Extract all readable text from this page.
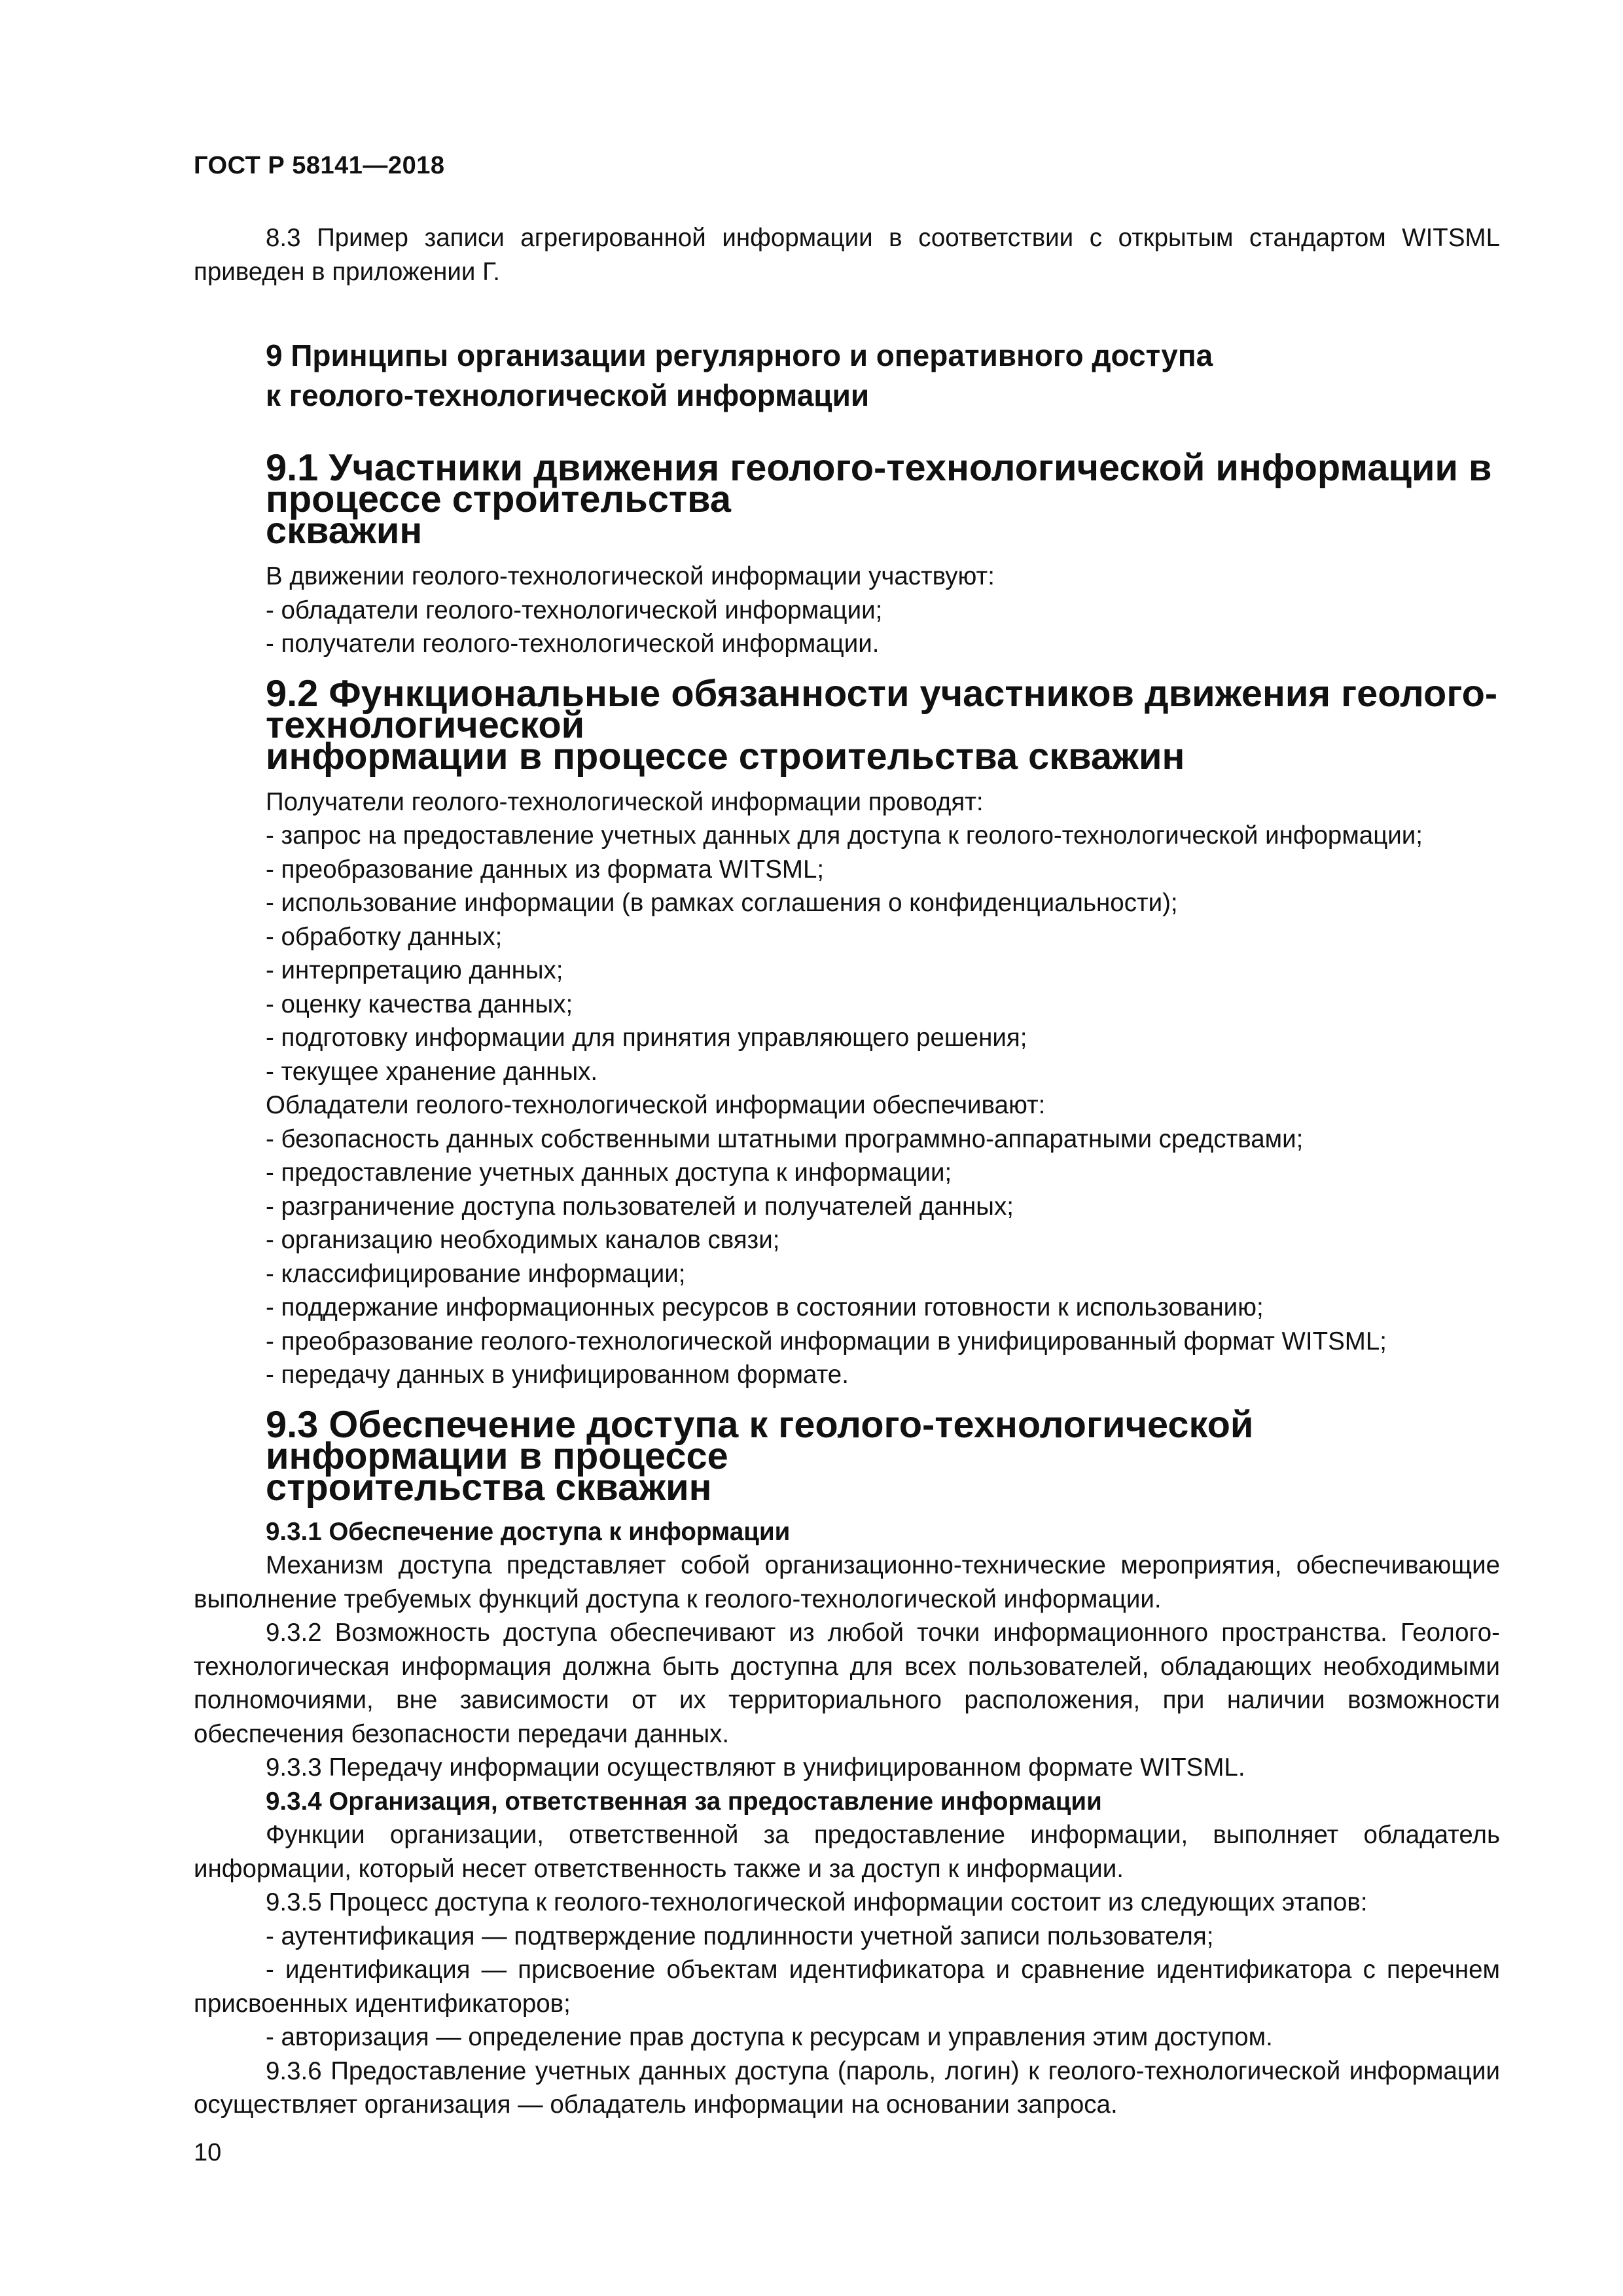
ГОСТ Р 58141—2018

8.3 Пример записи агрегированной информации в соответствии с открытым стандартом WITSML приведен в приложении Г.

9 Принципы организации регулярного и оперативного доступа
к геолого-технологической информации
9.1 Участники движения геолого-технологической информации в процессе строительства
скважин

В движении геолого-технологической информации участвуют:

- обладатели геолого-технологической информации;
- получатели геолого-технологической информации.
9.2 Функциональные обязанности участников движения геолого-технологической
информации в процессе строительства скважин

Получатели геолого-технологической информации проводят:

- запрос на предоставление учетных данных для доступа к геолого-технологической информации;
- преобразование данных из формата WITSML;
- использование информации (в рамках соглашения о конфиденциальности);
- обработку данных;
- интерпретацию данных;
- оценку качества данных;
- подготовку информации для принятия управляющего решения;
- текущее хранение данных.

Обладатели геолого-технологической информации обеспечивают:

- безопасность данных собственными штатными программно-аппаратными средствами;
- предоставление учетных данных доступа к информации;
- разграничение доступа пользователей и получателей данных;
- организацию необходимых каналов связи;
- классифицирование информации;
- поддержание информационных ресурсов в состоянии готовности к использованию;
- преобразование геолого-технологической информации в унифицированный формат WITSML;
- передачу данных в унифицированном формате.
9.3 Обеспечение доступа к геолого-технологической информации в процессе
строительства скважин

9.3.1 Обеспечение доступа к информации

Механизм доступа представляет собой организационно-технические мероприятия, обеспечивающие выполнение требуемых функций доступа к геолого-технологической информации.

9.3.2 Возможность доступа обеспечивают из любой точки информационного пространства. Геолого-технологическая информация должна быть доступна для всех пользователей, обладающих необходимыми полномочиями, вне зависимости от их территориального расположения, при наличии возможности обеспечения безопасности передачи данных.

9.3.3 Передачу информации осуществляют в унифицированном формате WITSML.

9.3.4 Организация, ответственная за предоставление информации

Функции организации, ответственной за предоставление информации, выполняет обладатель информации, который несет ответственность также и за доступ к информации.

9.3.5 Процесс доступа к геолого-технологической информации состоит из следующих этапов:

- аутентификация — подтверждение подлинности учетной записи пользователя;

- идентификация — присвоение объектам идентификатора и сравнение идентификатора с перечнем присвоенных идентификаторов;

- авторизация — определение прав доступа к ресурсам и управления этим доступом.

9.3.6 Предоставление учетных данных доступа (пароль, логин) к геолого-технологической информации осуществляет организация — обладатель информации на основании запроса.

10
